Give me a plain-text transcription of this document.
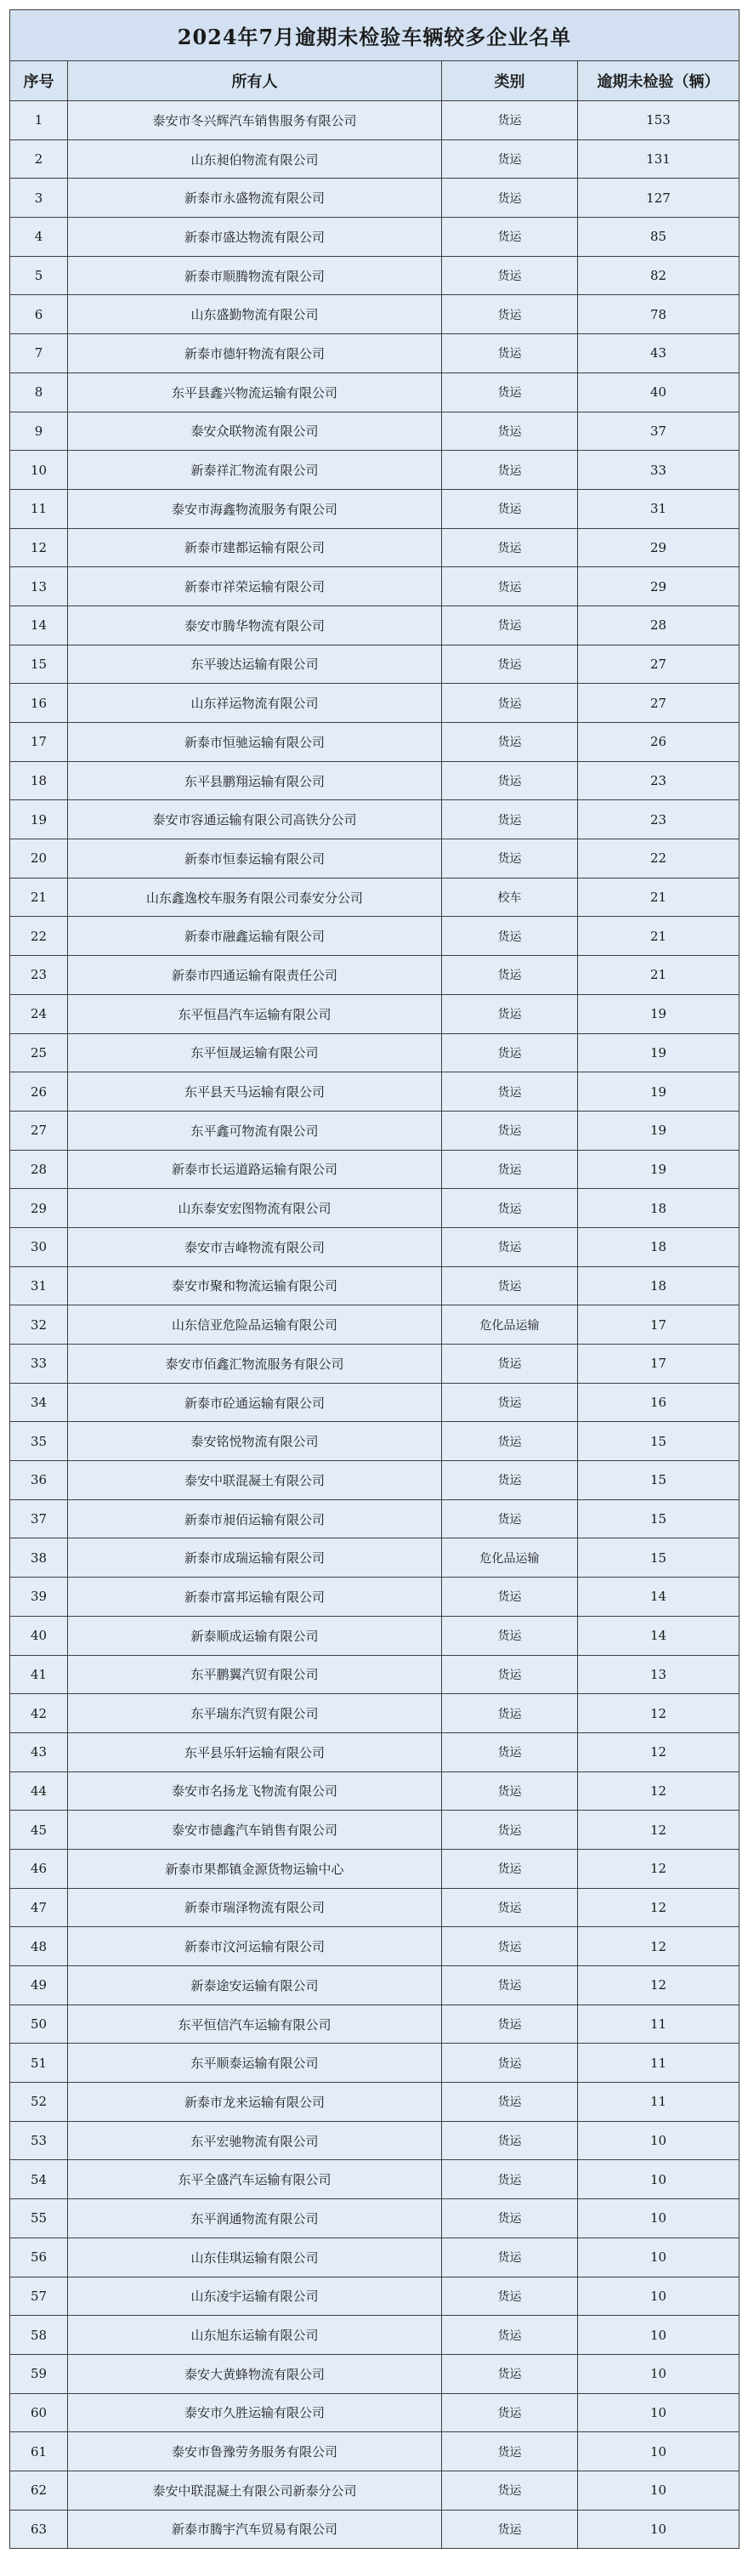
2024年7月逾期未检验车辆较多企业名单			
序号	所有人	类别	逾期未检验（辆）
1	泰安市冬兴辉汽车销售服务有限公司	货运	153
2	山东昶伯物流有限公司	货运	131
3	新泰市永盛物流有限公司	货运	127
4	新泰市盛达物流有限公司	货运	85
5	新泰市顺腾物流有限公司	货运	82
6	山东盛勤物流有限公司	货运	78
7	新泰市德轩物流有限公司	货运	43
8	东平县鑫兴物流运输有限公司	货运	40
9	泰安众联物流有限公司	货运	37
10	新泰祥汇物流有限公司	货运	33
11	泰安市海鑫物流服务有限公司	货运	31
12	新泰市建都运输有限公司	货运	29
13	新泰市祥荣运输有限公司	货运	29
14	泰安市腾华物流有限公司	货运	28
15	东平骏达运输有限公司	货运	27
16	山东祥运物流有限公司	货运	27
17	新泰市恒驰运输有限公司	货运	26
18	东平县鹏翔运输有限公司	货运	23
19	泰安市容通运输有限公司高铁分公司	货运	23
20	新泰市恒泰运输有限公司	货运	22
21	山东鑫逸校车服务有限公司泰安分公司	校车	21
22	新泰市融鑫运输有限公司	货运	21
23	新泰市四通运输有限责任公司	货运	21
24	东平恒昌汽车运输有限公司	货运	19
25	东平恒晟运输有限公司	货运	19
26	东平县天马运输有限公司	货运	19
27	东平鑫可物流有限公司	货运	19
28	新泰市长运道路运输有限公司	货运	19
29	山东泰安宏图物流有限公司	货运	18
30	泰安市吉峰物流有限公司	货运	18
31	泰安市聚和物流运输有限公司	货运	18
32	山东信亚危险品运输有限公司	危化品运输	17
33	泰安市佰鑫汇物流服务有限公司	货运	17
34	新泰市砼通运输有限公司	货运	16
35	泰安铭悦物流有限公司	货运	15
36	泰安中联混凝土有限公司	货运	15
37	新泰市昶佰运输有限公司	货运	15
38	新泰市成瑞运输有限公司	危化品运输	15
39	新泰市富邦运输有限公司	货运	14
40	新泰顺成运输有限公司	货运	14
41	东平鹏翼汽贸有限公司	货运	13
42	东平瑞东汽贸有限公司	货运	12
43	东平县乐轩运输有限公司	货运	12
44	泰安市名扬龙飞物流有限公司	货运	12
45	泰安市德鑫汽车销售有限公司	货运	12
46	新泰市果都镇金源货物运输中心	货运	12
47	新泰市瑞泽物流有限公司	货运	12
48	新泰市汶河运输有限公司	货运	12
49	新泰途安运输有限公司	货运	12
50	东平恒信汽车运输有限公司	货运	11
51	东平顺泰运输有限公司	货运	11
52	新泰市龙来运输有限公司	货运	11
53	东平宏驰物流有限公司	货运	10
54	东平全盛汽车运输有限公司	货运	10
55	东平润通物流有限公司	货运	10
56	山东佳琪运输有限公司	货运	10
57	山东凌宇运输有限公司	货运	10
58	山东旭东运输有限公司	货运	10
59	泰安大黄蜂物流有限公司	货运	10
60	泰安市久胜运输有限公司	货运	10
61	泰安市鲁豫劳务服务有限公司	货运	10
62	泰安中联混凝土有限公司新泰分公司	货运	10
63	新泰市腾宇汽车贸易有限公司	货运	10
